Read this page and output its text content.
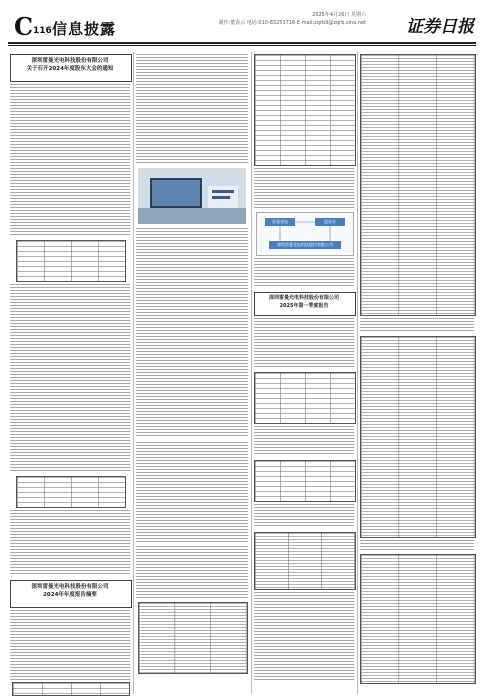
C 116 信息披露
2025年4月26日 星期六
制作:董春云 电话:010-83251716 E-mail:zqrb9@zqrb.sina.net 证券日报
深圳雷曼光电科技股份有限公司
关于召开2024年度股东大会的通知
深圳雷曼光电科技股份有限公司
2024年年度报告摘要
雷曼光电	股东方
深圳雷曼光电科技股份有限公司
深圳雷曼光电科技股份有限公司
2025年第一季度报告
